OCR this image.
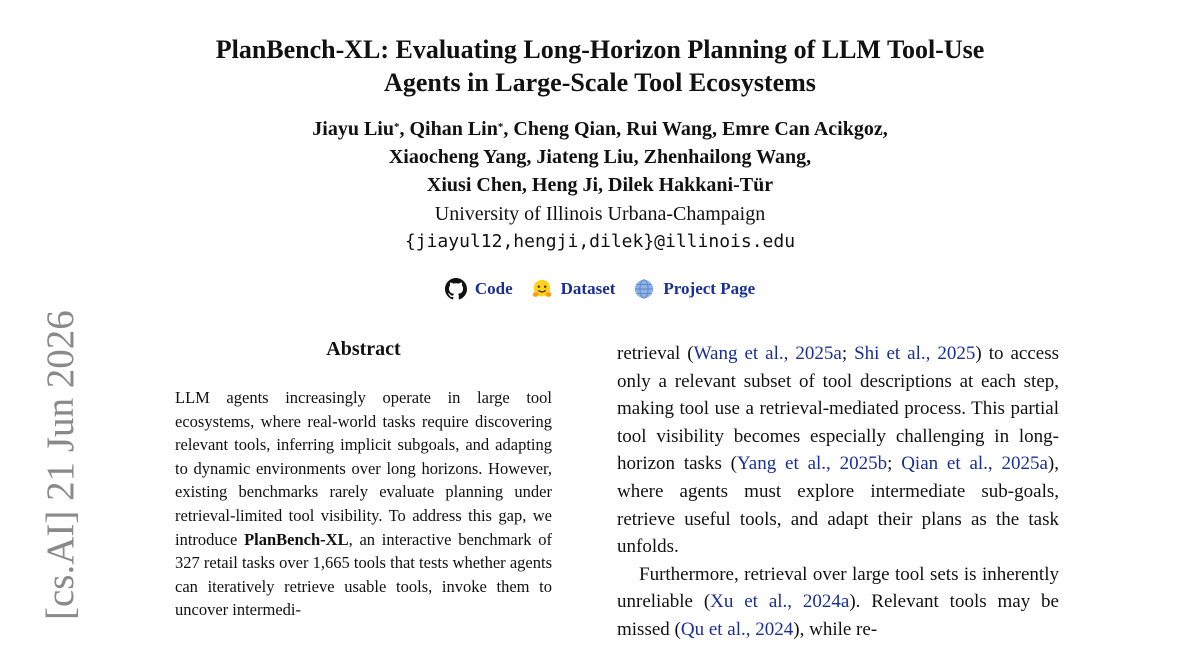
PlanBench-XL: Evaluating Long-Horizon Planning of LLM Tool-Use
Agents in Large-Scale Tool Ecosystems
Jiayu Liu*, Qihan Lin*, Cheng Qian, Rui Wang, Emre Can Acikgoz,
Xiaocheng Yang, Jiateng Liu, Zhenhailong Wang,
Xiusi Chen, Heng Ji, Dilek Hakkani-Tür
University of Illinois Urbana-Champaign
{jiayul12,hengji,dilek}@illinois.edu
Code	Dataset	Project Page
Abstract
LLM agents increasingly operate in large tool ecosystems, where real-world tasks require discovering relevant tools, inferring implicit subgoals, and adapting to dynamic environments over long horizons. However, existing benchmarks rarely evaluate planning under retrieval-limited tool visibility. To address this gap, we introduce PlanBench-XL, an interactive benchmark of 327 retail tasks over 1,665 tools that tests whether agents can iteratively retrieve usable tools, invoke them to uncover intermedi-

retrieval (Wang et al., 2025a; Shi et al., 2025) to access only a relevant subset of tool descriptions at each step, making tool use a retrieval-mediated process. This partial tool visibility becomes especially challenging in long-horizon tasks (Yang et al., 2025b; Qian et al., 2025a), where agents must explore intermediate sub-goals, retrieve useful tools, and adapt their plans as the task unfolds.

Furthermore, retrieval over large tool sets is inherently unreliable (Xu et al., 2024a). Relevant tools may be missed (Qu et al., 2024), while re-

[cs.AI] 21 Jun 2026
